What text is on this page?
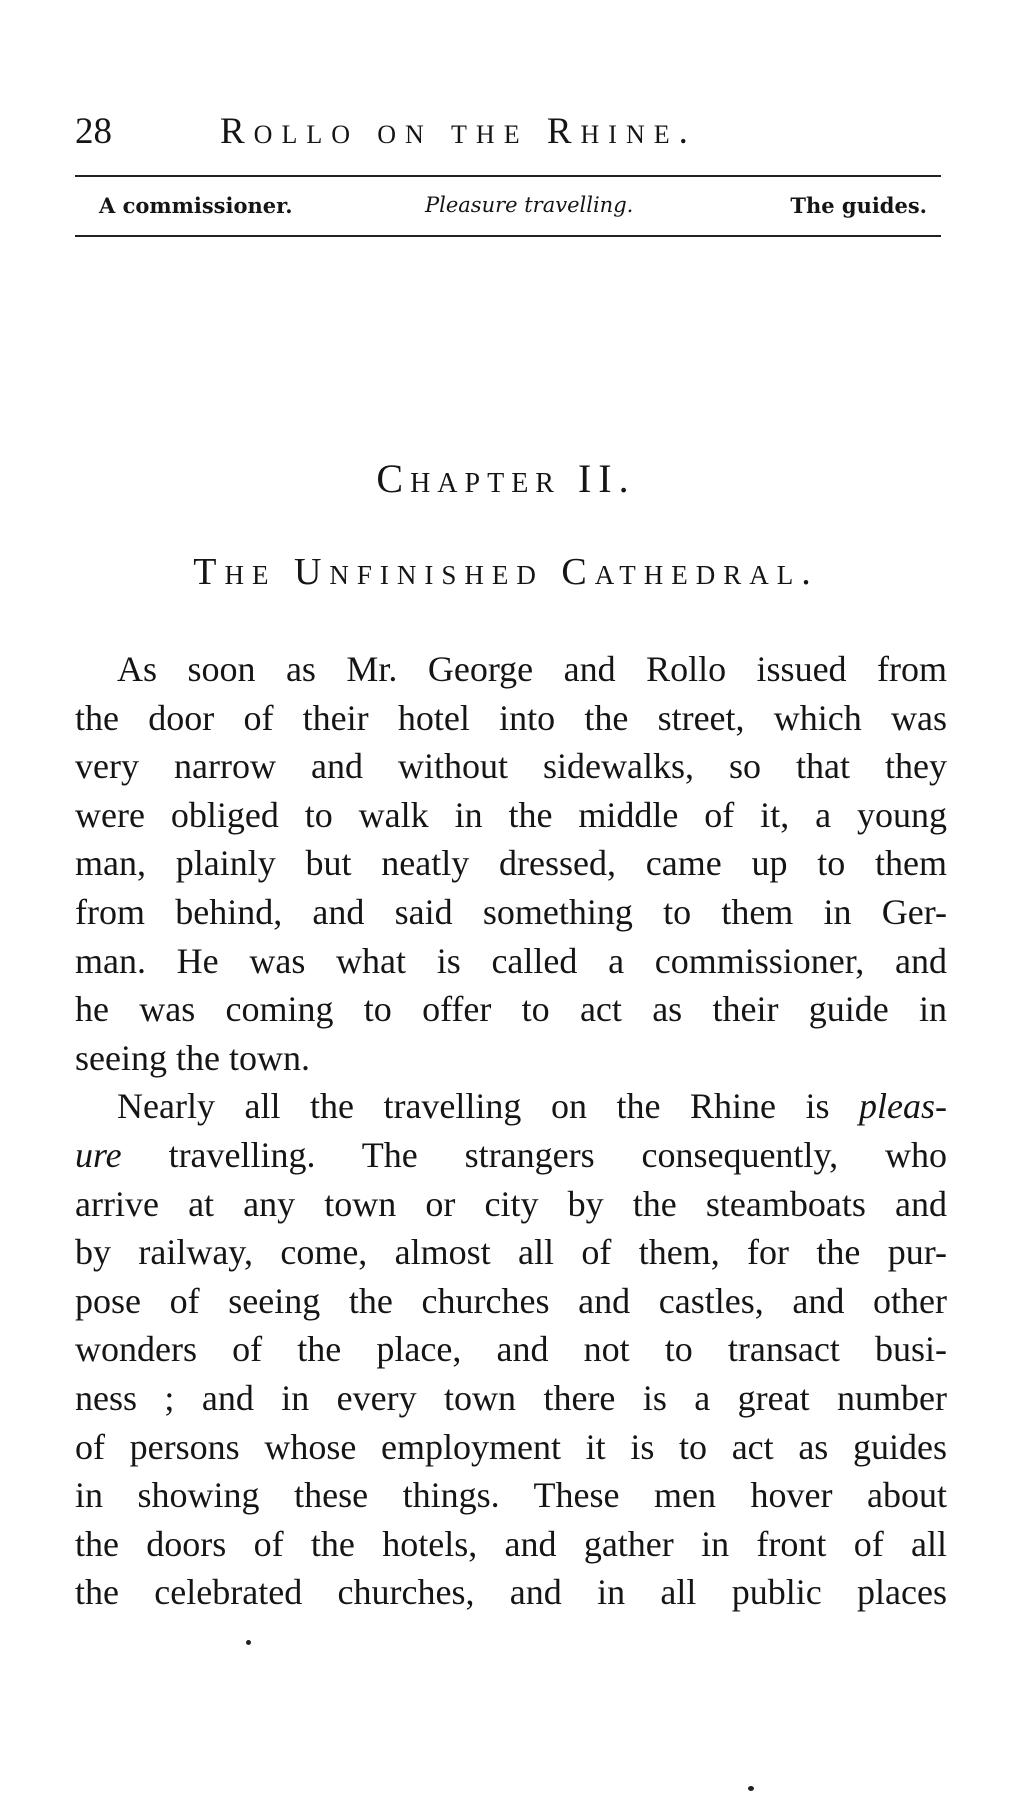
28	Rollo on the Rhine.
A commissioner.	Pleasure travelling.	The guides.
Chapter II.
The Unfinished Cathedral.

As soon as Mr. George and Rollo issued from
the door of their hotel into the street, which was
very narrow and without sidewalks, so that they
were obliged to walk in the middle of it, a young
man, plainly but neatly dressed, came up to them
from behind, and said something to them in Ger-
man. He was what is called a commissioner, and
he was coming to offer to act as their guide in
seeing the town.

Nearly all the travelling on the Rhine is pleas-
ure travelling. The strangers consequently, who
arrive at any town or city by the steamboats and
by railway, come, almost all of them, for the pur-
pose of seeing the churches and castles, and other
wonders of the place, and not to transact busi-
ness ; and in every town there is a great number
of persons whose employment it is to act as guides
in showing these things. These men hover about
the doors of the hotels, and gather in front of all
the celebrated churches, and in all public places
